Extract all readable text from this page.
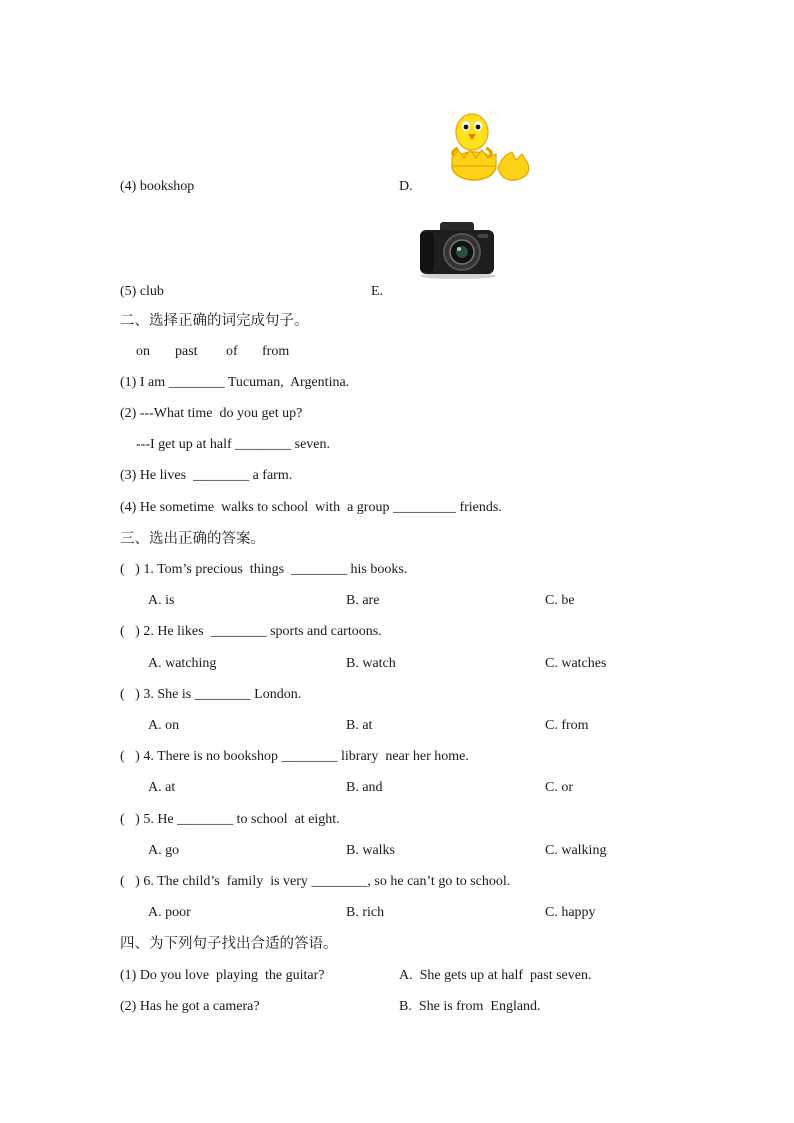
(4) bookshop	D.
(5) club	E.
二、选择正确的词完成句子。
on past of from
(1) I am ________ Tucuman,  Argentina.
(2) ---What time  do you get up?
---I get up at half ________ seven.
(3) He lives  ________ a farm.
(4) He sometime  walks to school  with  a group _________ friends.
三、选出正确的答案。
(   ) 1. Tom’s precious  things  ________ his books.
A. is	B. are	C. be
(   ) 2. He likes  ________ sports and cartoons.
A. watching	B. watch	C. watches
(   ) 3. She is ________ London.
A. on	B. at	C. from
(   ) 4. There is no bookshop ________ library  near her home.
A. at	B. and	C. or
(   ) 5. He ________ to school  at eight.
A. go	B. walks	C. walking
(   ) 6. The child’s  family  is very ________, so he can’t go to school.
A. poor	B. rich	C. happy
四、为下列句子找出合适的答语。
(1) Do you love  playing  the guitar?	A.  She gets up at half  past seven.
(2) Has he got a camera?	B.  She is from  England.
